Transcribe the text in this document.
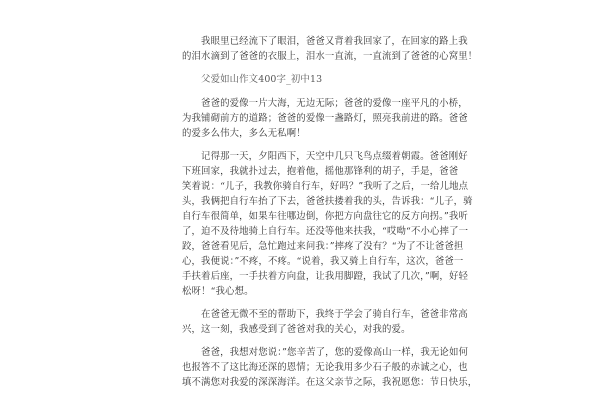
　　我眼里已经流下了眼泪，爸爸又背着我回家了，在回家的路上我
的泪水滴到了爸爸的衣服上，泪水一直流，一直流到了爸爸的心窝里！
　　父爱如山作文400字_初中13
　　爸爸的爱像一片大海，无边无际；爸爸的爱像一座平凡的小桥，
为我铺砌前方的道路；爸爸的爱像一盏路灯，照亮我前进的路。爸爸
的爱多么伟大，多么无私啊！
　　记得那一天，夕阳西下，天空中几只飞鸟点缀着朝霞。爸爸刚好
下班回家，我就扑过去，抱着他，摇他那锋利的胡子，手是，爸爸
笑着说：“儿子，我教你骑自行车，好吗？”我听了之后，一给儿地点
头，我俩把自行车抬了下去，爸爸扶搂着我的头，告诉我：“儿子，骑
自行车很简单，如果车往哪边倒，你把方向盘往它的反方向拐。”我听
了，迫不及待地骑上自行车。还没等他来扶我，“哎呦“不小心摔了一
跤，爸爸看见后，急忙跑过来问我：”摔疼了没有？“为了不让爸爸担
心，我便说：”不疼，不疼。“说着，我又骑上自行车，这次，爸爸一
手扶着后座，一手扶着方向盘，让我用脚蹬，我试了几次，”啊，好轻
松呀！“我心想。
　　在爸爸无微不至的帮助下，我终于学会了骑自行车，爸爸非常高
兴，这一刻，我感受到了爸爸对我的关心，对我的爱。
　　爸爸，我想对您说：”您辛苦了，您的爱像高山一样，我无论如何
也报答不了这比海还深的恩情；无论我用多少石子般的赤诚之心，也
填不满您对我爱的深深海洋。在这父亲节之际，我祝愿您：节日快乐，
